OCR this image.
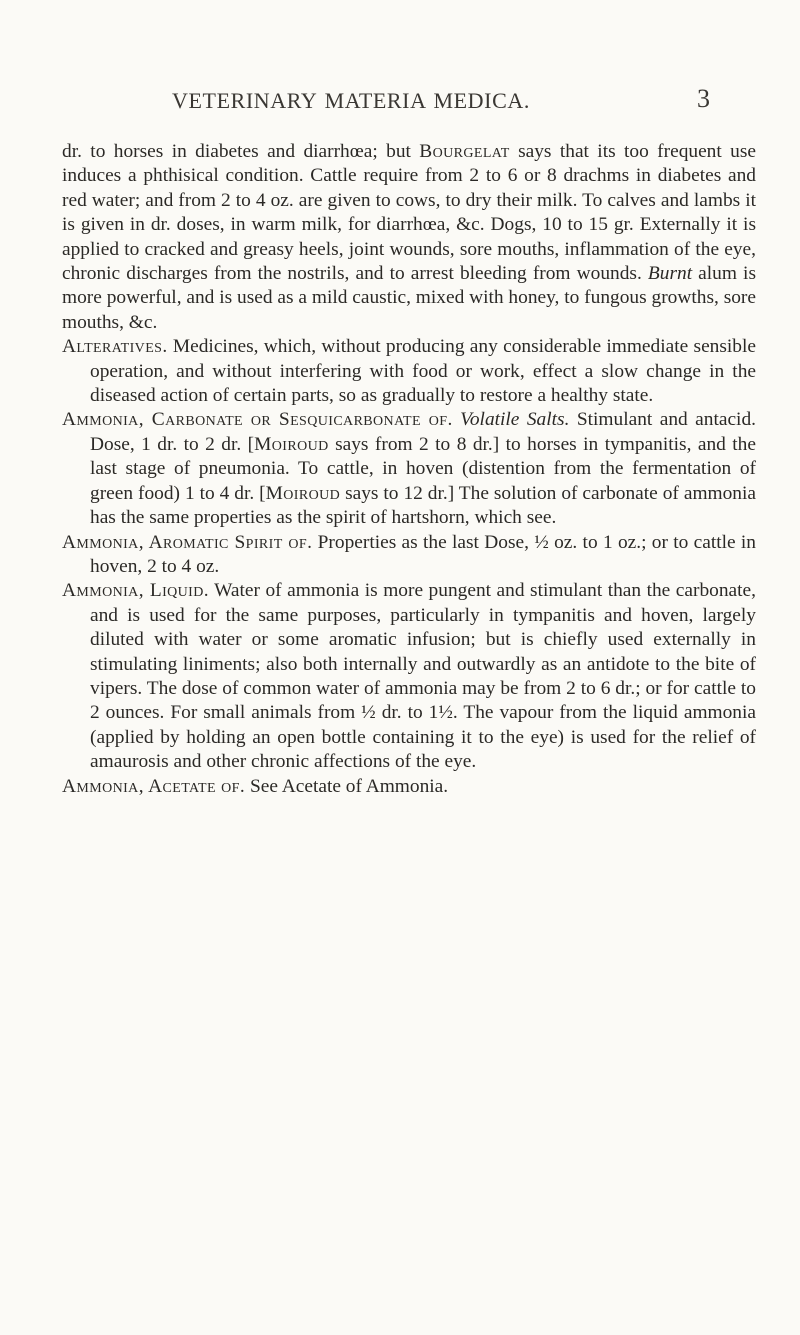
VETERINARY MATERIA MEDICA.	3

dr. to horses in diabetes and diarrhœa; but Bourgelat says that its too frequent use induces a phthisical condition. Cattle require from 2 to 6 or 8 drachms in diabetes and red water; and from 2 to 4 oz. are given to cows, to dry their milk. To calves and lambs it is given in dr. doses, in warm milk, for diarrhœa, &c. Dogs, 10 to 15 gr. Externally it is applied to cracked and greasy heels, joint wounds, sore mouths, inflammation of the eye, chronic discharges from the nostrils, and to arrest bleeding from wounds. Burnt alum is more powerful, and is used as a mild caustic, mixed with honey, to fungous growths, sore mouths, &c.

Alteratives. Medicines, which, without producing any considerable immediate sensible operation, and without interfering with food or work, effect a slow change in the diseased action of certain parts, so as gradually to restore a healthy state.

Ammonia, Carbonate or Sesquicarbonate of. Volatile Salts. Stimulant and antacid. Dose, 1 dr. to 2 dr. [Moiroud says from 2 to 8 dr.] to horses in tympanitis, and the last stage of pneumonia. To cattle, in hoven (distention from the fermentation of green food) 1 to 4 dr. [Moiroud says to 12 dr.] The solution of carbonate of ammonia has the same properties as the spirit of hartshorn, which see.

Ammonia, Aromatic Spirit of. Properties as the last Dose, ½ oz. to 1 oz.; or to cattle in hoven, 2 to 4 oz.

Ammonia, Liquid. Water of ammonia is more pungent and stimulant than the carbonate, and is used for the same purposes, particularly in tympanitis and hoven, largely diluted with water or some aromatic infusion; but is chiefly used externally in stimulating liniments; also both internally and outwardly as an antidote to the bite of vipers. The dose of common water of ammonia may be from 2 to 6 dr.; or for cattle to 2 ounces. For small animals from ½ dr. to 1½. The vapour from the liquid ammonia (applied by holding an open bottle containing it to the eye) is used for the relief of amaurosis and other chronic affections of the eye.

Ammonia, Acetate of. See Acetate of Ammonia.
